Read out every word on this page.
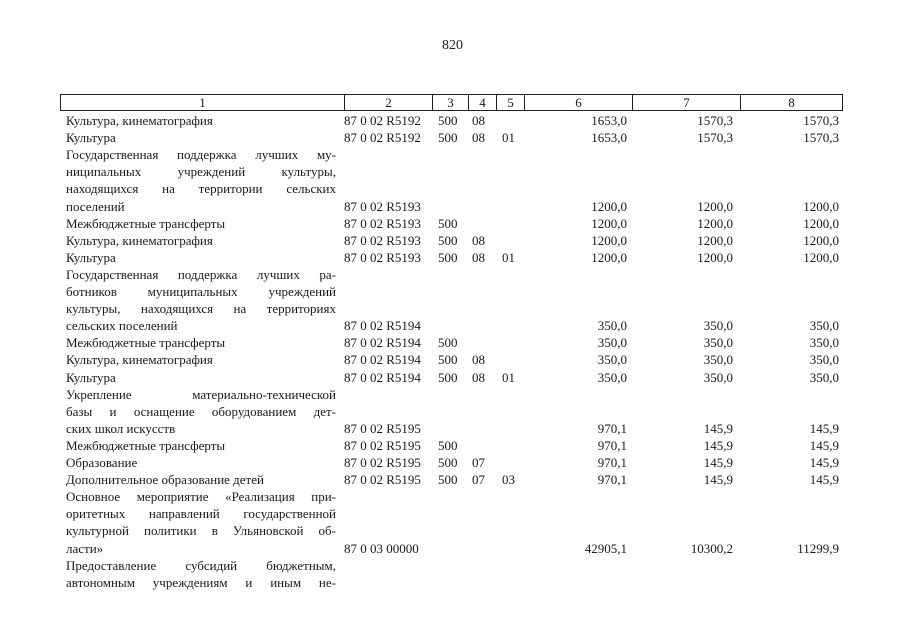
820
1	2	3	4	5	6	7	8
Культура, кинематография	87 0 02 R5192 500 08	1653,0	1570,3	1570,3
Культура	87 0 02 R5192 500 08 01	1653,0	1570,3	1570,3
Государственная поддержка лучших му-
ниципальных учреждений культуры,
находящихся на территории сельских
поселений	87 0 02 R5193	1200,0	1200,0	1200,0
Межбюджетные трансферты	87 0 02 R5193 500	1200,0	1200,0	1200,0
Культура, кинематография	87 0 02 R5193 500 08	1200,0	1200,0	1200,0
Культура	87 0 02 R5193 500 08 01	1200,0	1200,0	1200,0
Государственная поддержка лучших ра-
ботников муниципальных учреждений
культуры, находящихся на территориях
сельских поселений	87 0 02 R5194	350,0	350,0	350,0
Межбюджетные трансферты	87 0 02 R5194 500	350,0	350,0	350,0
Культура, кинематография	87 0 02 R5194 500 08	350,0	350,0	350,0
Культура	87 0 02 R5194 500 08 01	350,0	350,0	350,0
Укрепление материально-технической
базы и оснащение оборудованием дет-
ских школ искусств	87 0 02 R5195	970,1	145,9	145,9
Межбюджетные трансферты	87 0 02 R5195 500	970,1	145,9	145,9
Образование	87 0 02 R5195 500 07	970,1	145,9	145,9
Дополнительное образование детей	87 0 02 R5195 500 07 03	970,1	145,9	145,9
Основное мероприятие «Реализация при-
оритетных направлений государственной
культурной политики в Ульяновской об-
ласти»	87 0 03 00000	42905,1	10300,2	11299,9
Предоставление субсидий бюджетным,
автономным учреждениям и иным не-
